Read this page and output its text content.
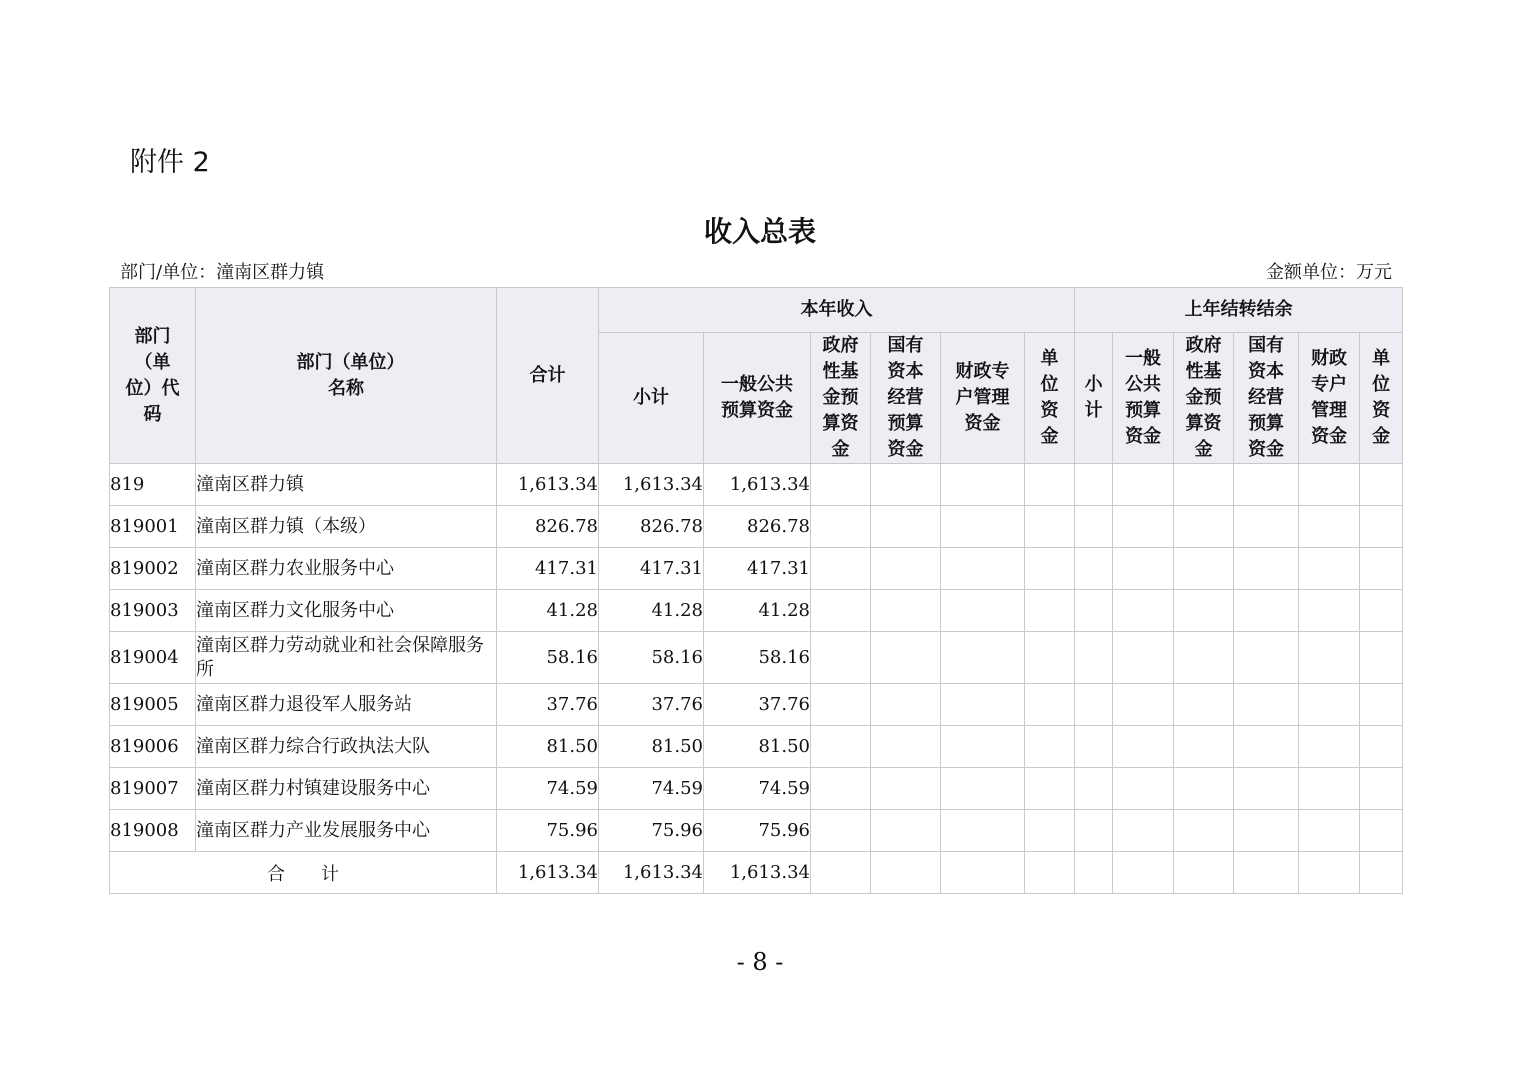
附件 2
收入总表
部门/单位：潼南区群力镇	金额单位：万元
部门（单位）代码	部门（单位）名称	合计	本年收入						上年结转结余					
			小计	一般公共预算资金	政府性基金预算资金	国有资本经营预算资金	财政专户管理资金	单位资金	小计	一般公共预算资金	政府性基金预算资金	国有资本经营预算资金	财政专户管理资金	单位资金

819	潼南区群力镇	1,613.34	1,613.34	1,613.34										
819001	潼南区群力镇（本级）	826.78	826.78	826.78										
819002	潼南区群力农业服务中心	417.31	417.31	417.31										
819003	潼南区群力文化服务中心	41.28	41.28	41.28										
819004	潼南区群力劳动就业和社会保障服务所	58.16	58.16	58.16										
819005	潼南区群力退役军人服务站	37.76	37.76	37.76										
819006	潼南区群力综合行政执法大队	81.50	81.50	81.50										
819007	潼南区群力村镇建设服务中心	74.59	74.59	74.59										
819008	潼南区群力产业发展服务中心	75.96	75.96	75.96										
合　　计		1,613.34	1,613.34	1,613.34										
- 8 -
